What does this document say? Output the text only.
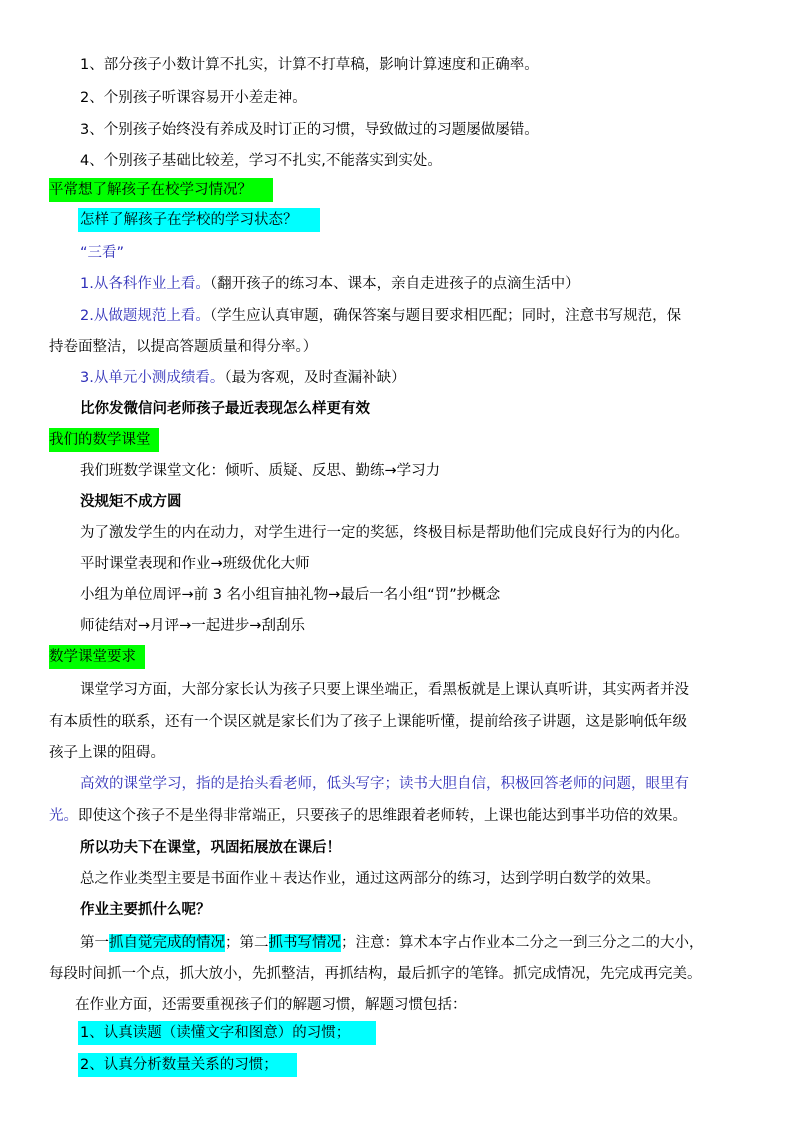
1、部分孩子小数计算不扎实，计算不打草稿，影响计算速度和正确率。
2、个别孩子听课容易开小差走神。
3、个别孩子始终没有养成及时订正的习惯，导致做过的习题屡做屡错。
4、个别孩子基础比较差，学习不扎实,不能落实到实处。
平常想了解孩子在校学习情况？
怎样了解孩子在学校的学习状态？
“三看”
1.从各科作业上看。（翻开孩子的练习本、课本，亲自走进孩子的点滴生活中）
2.从做题规范上看。（学生应认真审题，确保答案与题目要求相匹配；同时，注意书写规范，保
持卷面整洁，以提高答题质量和得分率。）
3.从单元小测成绩看。（最为客观，及时查漏补缺）
比你发微信问老师孩子最近表现怎么样更有效
我们的数学课堂
我们班数学课堂文化：倾听、质疑、反思、勤练→学习力
没规矩不成方圆
为了激发学生的内在动力，对学生进行一定的奖惩，终极目标是帮助他们完成良好行为的内化。
平时课堂表现和作业→班级优化大师
小组为单位周评→前 3 名小组盲抽礼物→最后一名小组“罚”抄概念
师徒结对→月评→一起进步→刮刮乐
数学课堂要求
课堂学习方面，大部分家长认为孩子只要上课坐端正，看黑板就是上课认真听讲，其实两者并没
有本质性的联系，还有一个误区就是家长们为了孩子上课能听懂，提前给孩子讲题，这是影响低年级
孩子上课的阻碍。
高效的课堂学习，指的是抬头看老师，低头写字；读书大胆自信，积极回答老师的问题，眼里有
光。即使这个孩子不是坐得非常端正，只要孩子的思维跟着老师转，上课也能达到事半功倍的效果。
所以功夫下在课堂，巩固拓展放在课后！
总之作业类型主要是书面作业＋表达作业，通过这两部分的练习，达到学明白数学的效果。
作业主要抓什么呢？
第一抓自觉完成的情况；第二抓书写情况；注意：算术本字占作业本二分之一到三分之二的大小，
每段时间抓一个点，抓大放小，先抓整洁，再抓结构，最后抓字的笔锋。抓完成情况，先完成再完美。
在作业方面，还需要重视孩子们的解题习惯，解题习惯包括：
1、认真读题（读懂文字和图意）的习惯；
2、认真分析数量关系的习惯；
